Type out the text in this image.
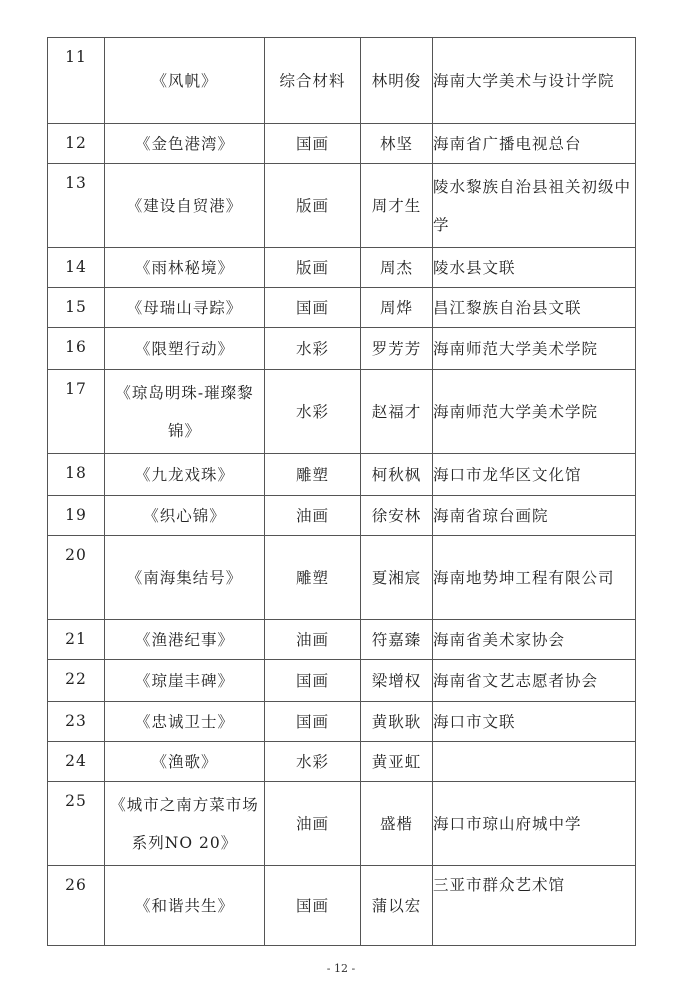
11	《风帆》	综合材料	林明俊	海南大学美术与设计学院
12	《金色港湾》	国画	林坚	海南省广播电视总台
13	《建设自贸港》	版画	周才生	陵水黎族自治县祖关初级中学
14	《雨林秘境》	版画	周杰	陵水县文联
15	《母瑞山寻踪》	国画	周烨	昌江黎族自治县文联
16	《限塑行动》	水彩	罗芳芳	海南师范大学美术学院
17	《琼岛明珠-璀璨黎锦》	水彩	赵福才	海南师范大学美术学院
18	《九龙戏珠》	雕塑	柯秋枫	海口市龙华区文化馆
19	《织心锦》	油画	徐安林	海南省琼台画院
20	《南海集结号》	雕塑	夏湘宸	海南地势坤工程有限公司
21	《渔港纪事》	油画	符嘉臻	海南省美术家协会
22	《琼崖丰碑》	国画	梁增权	海南省文艺志愿者协会
23	《忠诚卫士》	国画	黄耿耿	海口市文联
24	《渔歌》	水彩	黄亚虹	
25	《城市之南方菜市场系列NO 20》	油画	盛楷	海口市琼山府城中学
26	《和谐共生》	国画	蒲以宏	三亚市群众艺术馆
- 12 -
